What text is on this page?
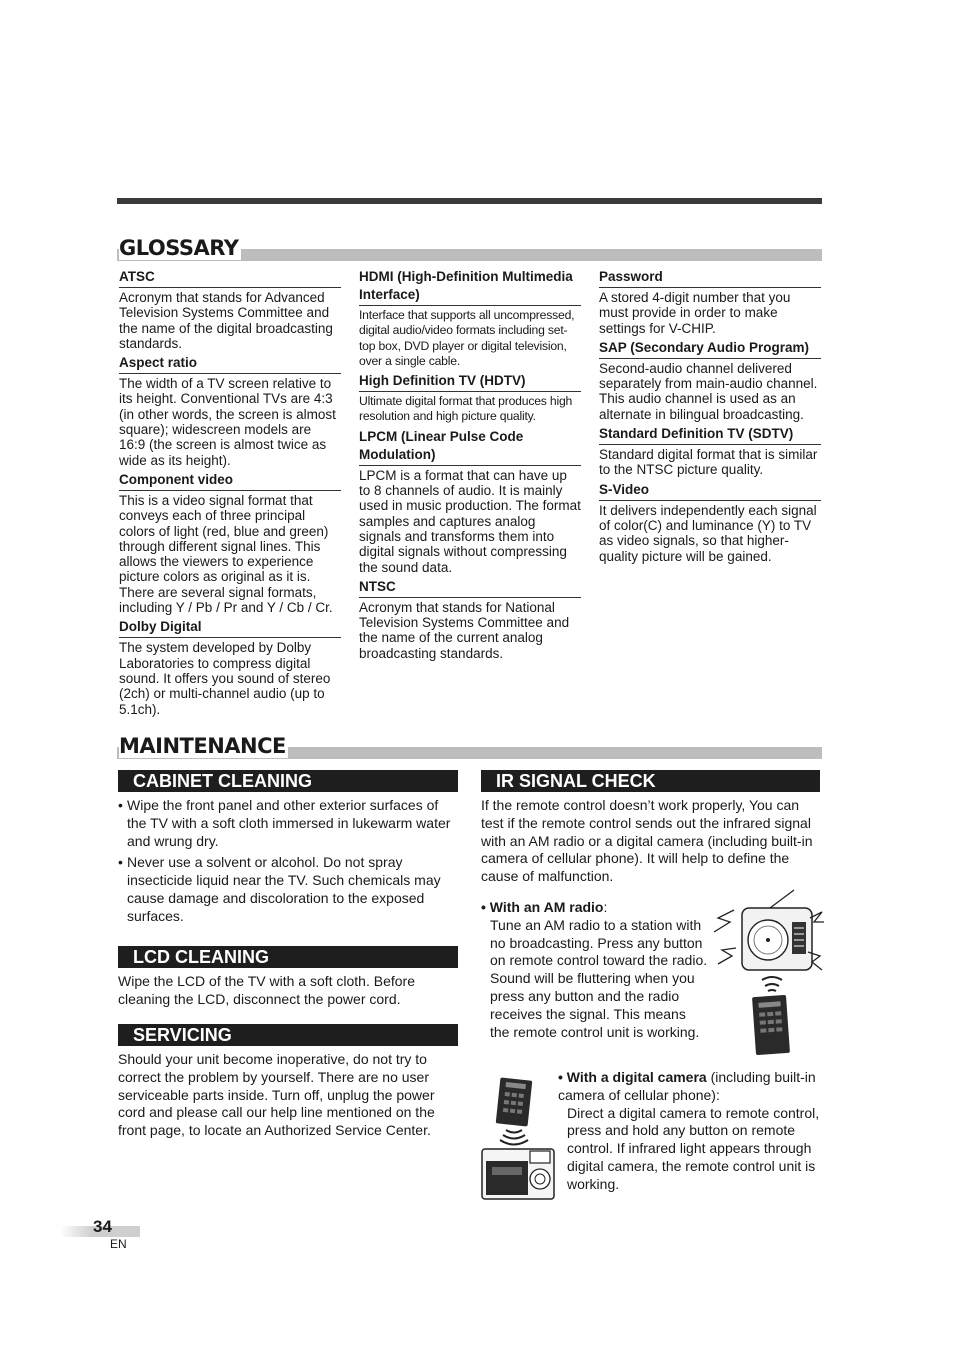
GLOSSARY
ATSC
Acronym that stands for Advanced Television Systems Committee and the name of the digital broadcasting standards.
Aspect ratio
The width of a TV screen relative to its height. Conventional TVs are 4:3 (in other words, the screen is almost square); widescreen models are 16:9 (the screen is almost twice as wide as its height).
Component video
This is a video signal format that conveys each of three principal colors of light (red, blue and green) through different signal lines. This allows the viewers to experience picture colors as original as it is. There are several signal formats, including Y / Pb / Pr and Y / Cb / Cr.
Dolby Digital
The system developed by Dolby Laboratories to compress digital sound. It offers you sound of stereo (2ch) or multi-channel audio (up to 5.1ch).
HDMI (High-Definition Multimedia Interface)
Interface that supports all uncompressed, digital audio/video formats including set-top box, DVD player or digital television, over a single cable.
High Definition TV (HDTV)
Ultimate digital format that produces high resolution and high picture quality.
LPCM (Linear Pulse Code Modulation)
LPCM is a format that can have up to 8 channels of audio. It is mainly used in music production. The format samples and captures analog signals and transforms them into digital signals without compressing the sound data.
NTSC
Acronym that stands for National Television Systems Committee and the name of the current analog broadcasting standards.
Password
A stored 4-digit number that you must provide in order to make settings for V-CHIP.
SAP (Secondary Audio Program)
Second-audio channel delivered separately from main-audio channel. This audio channel is used as an alternate in bilingual broadcasting.
Standard Definition TV (SDTV)
Standard digital format that is similar to the NTSC picture quality.
S-Video
It delivers independently each signal of color(C) and luminance (Y) to TV as video signals, so that higher-quality picture will be gained.
MAINTENANCE
CABINET CLEANING
• Wipe the front panel and other exterior surfaces of the TV with a soft cloth immersed in lukewarm water and wrung dry.
• Never use a solvent or alcohol. Do not spray insecticide liquid near the TV. Such chemicals may cause damage and discoloration to the exposed surfaces.
LCD CLEANING
Wipe the LCD of the TV with a soft cloth. Before cleaning the LCD, disconnect the power cord.
SERVICING
Should your unit become inoperative, do not try to correct the problem by yourself. There are no user serviceable parts inside. Turn off, unplug the power cord and please call our help line mentioned on the front page, to locate an Authorized Service Center.
IR SIGNAL CHECK
If the remote control doesn’t work properly, You can test if the remote control sends out the infrared signal with an AM radio or a digital camera (including built-in camera of cellular phone). It will help to define the cause of malfunction.
• With an AM radio:
Tune an AM radio to a station with no broadcasting. Press any button on remote control toward the radio. Sound will be fluttering when you press any button and the radio receives the signal. This means the remote control unit is working.
• With a digital camera (including built-in camera of cellular phone):
Direct a digital camera to remote control, press and hold any button on remote control. If infrared light appears through digital camera, the remote control unit is working.
34
EN
